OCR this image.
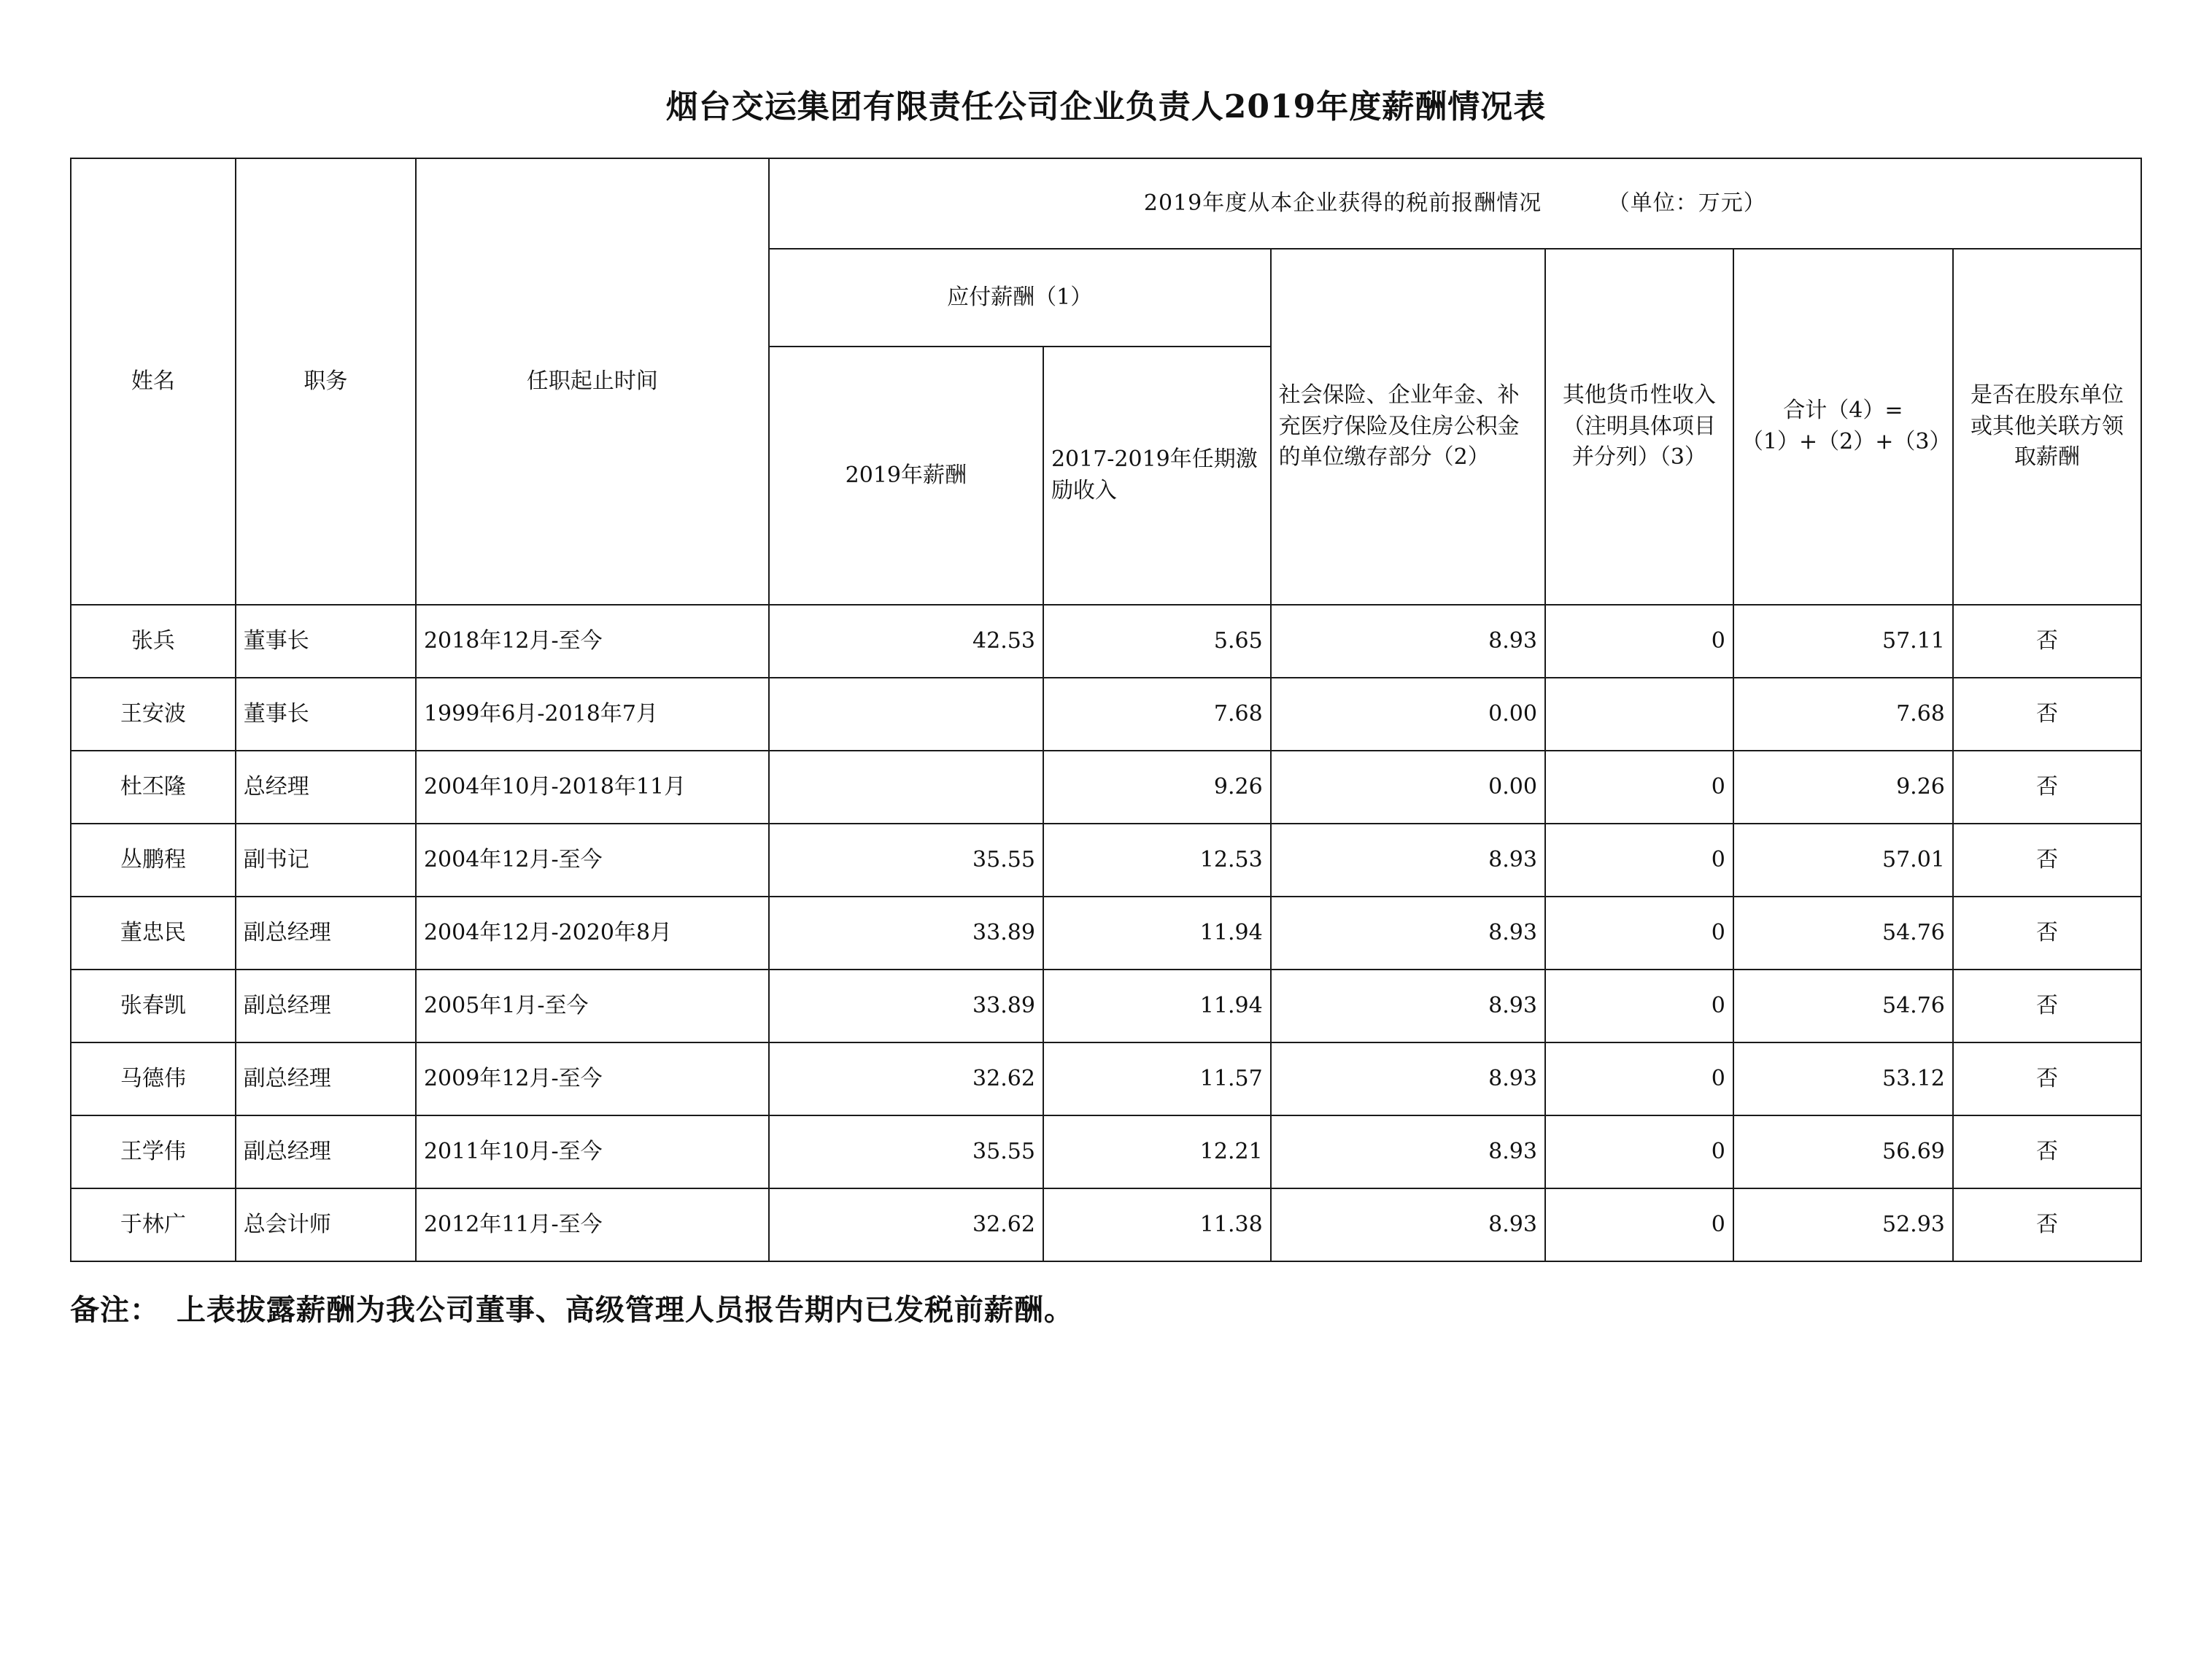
烟台交运集团有限责任公司企业负责人2019年度薪酬情况表
姓名	职务	任职起止时间	2019年度从本企业获得的税前报酬情况 （单位：万元）					
			应付薪酬（1）		社会保险、企业年金、补充医疗保险及住房公积金的单位缴存部分（2）	其他货币性收入（注明具体项目并分列）（3）	合计（4）=（1）+（2）+（3）	是否在股东单位或其他关联方领取薪酬
			2019年薪酬	2017-2019年任期激励收入				
张兵	董事长	2018年12月-至今	42.53	5.65	8.93	0	57.11	否
王安波	董事长	1999年6月-2018年7月		7.68	0.00		7.68	否
杜丕隆	总经理	2004年10月-2018年11月		9.26	0.00	0	9.26	否
丛鹏程	副书记	2004年12月-至今	35.55	12.53	8.93	0	57.01	否
董忠民	副总经理	2004年12月-2020年8月	33.89	11.94	8.93	0	54.76	否
张春凯	副总经理	2005年1月-至今	33.89	11.94	8.93	0	54.76	否
马德伟	副总经理	2009年12月-至今	32.62	11.57	8.93	0	53.12	否
王学伟	副总经理	2011年10月-至今	35.55	12.21	8.93	0	56.69	否
于林广	总会计师	2012年11月-至今	32.62	11.38	8.93	0	52.93	否
备注： 上表拔露薪酬为我公司董事、高级管理人员报告期内已发税前薪酬。
